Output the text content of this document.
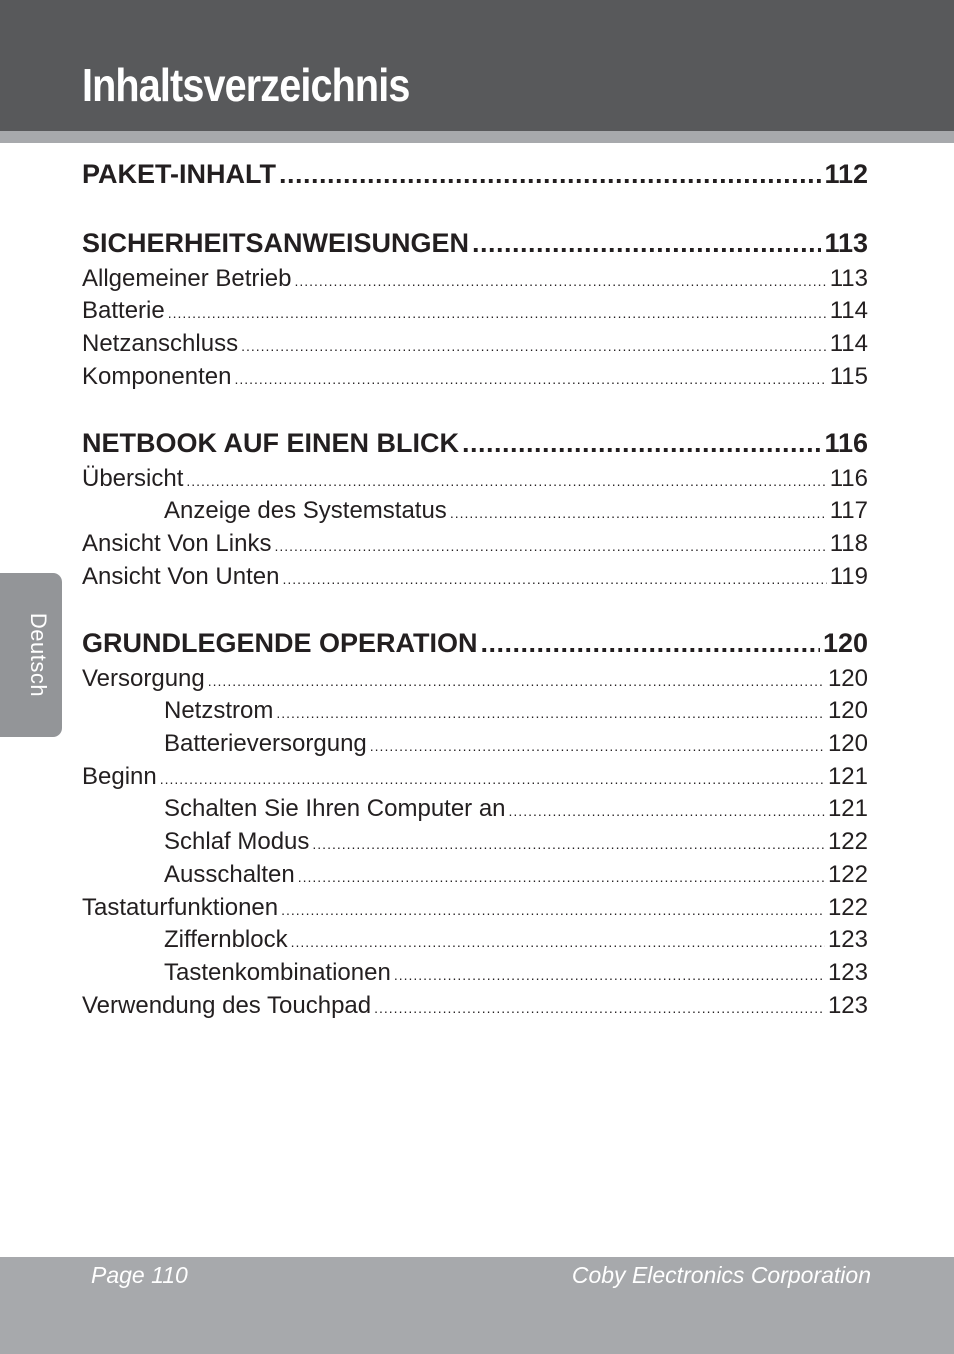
Inhaltsverzeichnis
Deutsch
PAKET-INHALT .....	112
SICHERHEITSANWEISUNGEN .....	113
Allgemeiner Betrieb .....	113
Batterie .....	114
Netzanschluss .....	114
Komponenten .....	115
NETBOOK AUF EINEN BLICK .....	116
Übersicht .....	116
Anzeige des Systemstatus .....	117
Ansicht Von Links .....	118
Ansicht Von Unten .....	119
GRUNDLEGENDE OPERATION .....	120
Versorgung .....	120
Netzstrom .....	120
Batterieversorgung .....	120
Beginn .....	121
Schalten Sie Ihren Computer an .....	121
Schlaf Modus .....	122
Ausschalten .....	122
Tastaturfunktionen .....	122
Ziffernblock .....	123
Tastenkombinationen .....	123
Verwendung des Touchpad .....	123
Page 110	Coby Electronics Corporation
